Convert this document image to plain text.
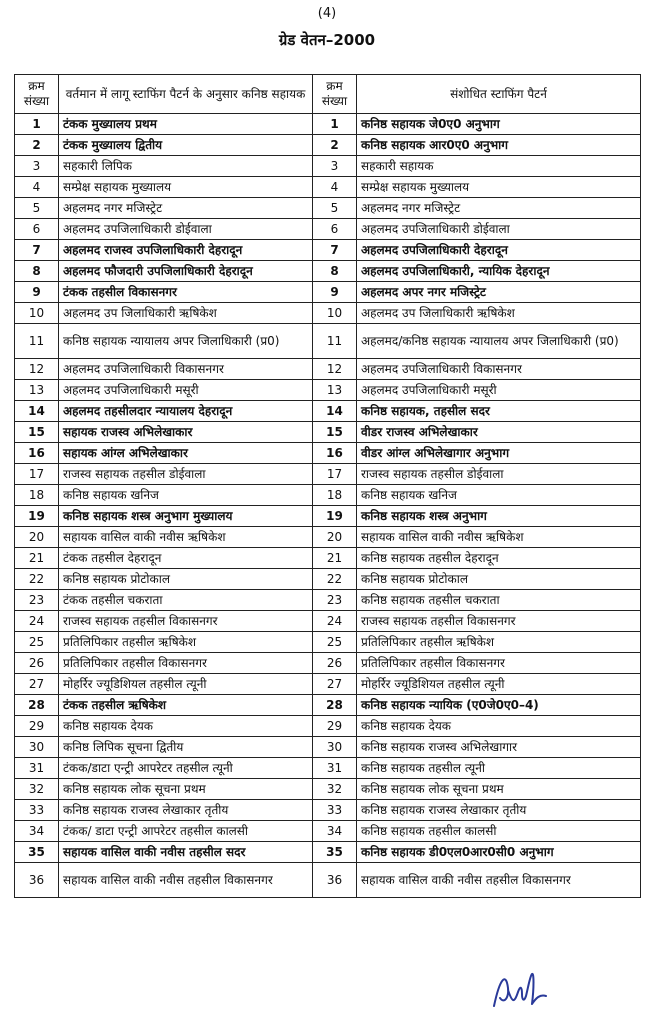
(4)
ग्रेड वेतन–2000
क्रम संख्या	वर्तमान में लागू स्टाफिंग पैटर्न के अनुसार कनिष्ठ सहायक	क्रम संख्या	संशोधित स्टाफिंग पैटर्न
1	टंकक मुख्यालय प्रथम	1	कनिष्ठ सहायक जे0ए0 अनुभाग
2	टंकक मुख्यालय द्वितीय	2	कनिष्ठ सहायक आर0ए0 अनुभाग
3	सहकारी लिपिक	3	सहकारी सहायक
4	सम्प्रेक्ष सहायक मुख्यालय	4	सम्प्रेक्ष सहायक मुख्यालय
5	अहलमद नगर मजिस्ट्रेट	5	अहलमद नगर मजिस्ट्रेट
6	अहलमद उपजिलाधिकारी डोईवाला	6	अहलमद उपजिलाधिकारी डोईवाला
7	अहलमद राजस्व उपजिलाधिकारी देहरादून	7	अहलमद उपजिलाधिकारी देहरादून
8	अहलमद फौजदारी उपजिलाधिकारी देहरादून	8	अहलमद उपजिलाधिकारी, न्यायिक देहरादून
9	टंकक तहसील विकासनगर	9	अहलमद अपर नगर मजिस्ट्रेट
10	अहलमद उप जिलाधिकारी ऋषिकेश	10	अहलमद उप जिलाधिकारी ऋषिकेश
11	कनिष्ठ सहायक न्यायालय अपर जिलाधिकारी (प्र0)	11	अहलमद/कनिष्ठ सहायक न्यायालय अपर जिलाधिकारी (प्र0)
12	अहलमद उपजिलाधिकारी विकासनगर	12	अहलमद उपजिलाधिकारी विकासनगर
13	अहलमद उपजिलाधिकारी मसूरी	13	अहलमद उपजिलाधिकारी मसूरी
14	अहलमद तहसीलदार न्यायालय देहरादून	14	कनिष्ठ सहायक, तहसील सदर
15	सहायक राजस्व अभिलेखाकार	15	वीडर राजस्व अभिलेखाकार
16	सहायक आंग्ल अभिलेखाकार	16	वीडर आंग्ल अभिलेखागार अनुभाग
17	राजस्व सहायक तहसील डोईवाला	17	राजस्व सहायक तहसील डोईवाला
18	कनिष्ठ सहायक खनिज	18	कनिष्ठ सहायक खनिज
19	कनिष्ठ सहायक शस्त्र अनुभाग मुख्यालय	19	कनिष्ठ सहायक शस्त्र अनुभाग
20	सहायक वासिल वाकी नवीस ऋषिकेश	20	सहायक वासिल वाकी नवीस ऋषिकेश
21	टंकक तहसील देहरादून	21	कनिष्ठ सहायक तहसील देहरादून
22	कनिष्ठ सहायक प्रोटोकाल	22	कनिष्ठ सहायक प्रोटोकाल
23	टंकक तहसील चकराता	23	कनिष्ठ सहायक तहसील चकराता
24	राजस्व सहायक तहसील विकासनगर	24	राजस्व सहायक तहसील विकासनगर
25	प्रतिलिपिकार तहसील ऋषिकेश	25	प्रतिलिपिकार तहसील ऋषिकेश
26	प्रतिलिपिकार तहसील विकासनगर	26	प्रतिलिपिकार तहसील विकासनगर
27	मोहर्रिर ज्यूडिशियल तहसील त्यूनी	27	मोहर्रिर ज्यूडिशियल तहसील त्यूनी
28	टंकक तहसील ऋषिकेश	28	कनिष्ठ सहायक न्यायिक (ए0जे0ए0–4)
29	कनिष्ठ सहायक देयक	29	कनिष्ठ सहायक देयक
30	कनिष्ठ लिपिक सूचना द्वितीय	30	कनिष्ठ सहायक राजस्व अभिलेखागार
31	टंकक/डाटा एन्ट्री आपरेटर तहसील त्यूनी	31	कनिष्ठ सहायक तहसील त्यूनी
32	कनिष्ठ सहायक लोक सूचना प्रथम	32	कनिष्ठ सहायक लोक सूचना प्रथम
33	कनिष्ठ सहायक राजस्व लेखाकार तृतीय	33	कनिष्ठ सहायक राजस्व लेखाकार तृतीय
34	टंकक/ डाटा एन्ट्री आपरेटर तहसील कालसी	34	कनिष्ठ सहायक तहसील कालसी
35	सहायक वासिल वाकी नवीस तहसील सदर	35	कनिष्ठ सहायक डी0एल0आर0सी0 अनुभाग
36	सहायक वासिल वाकी नवीस तहसील विकासनगर	36	सहायक वासिल वाकी नवीस तहसील विकासनगर
